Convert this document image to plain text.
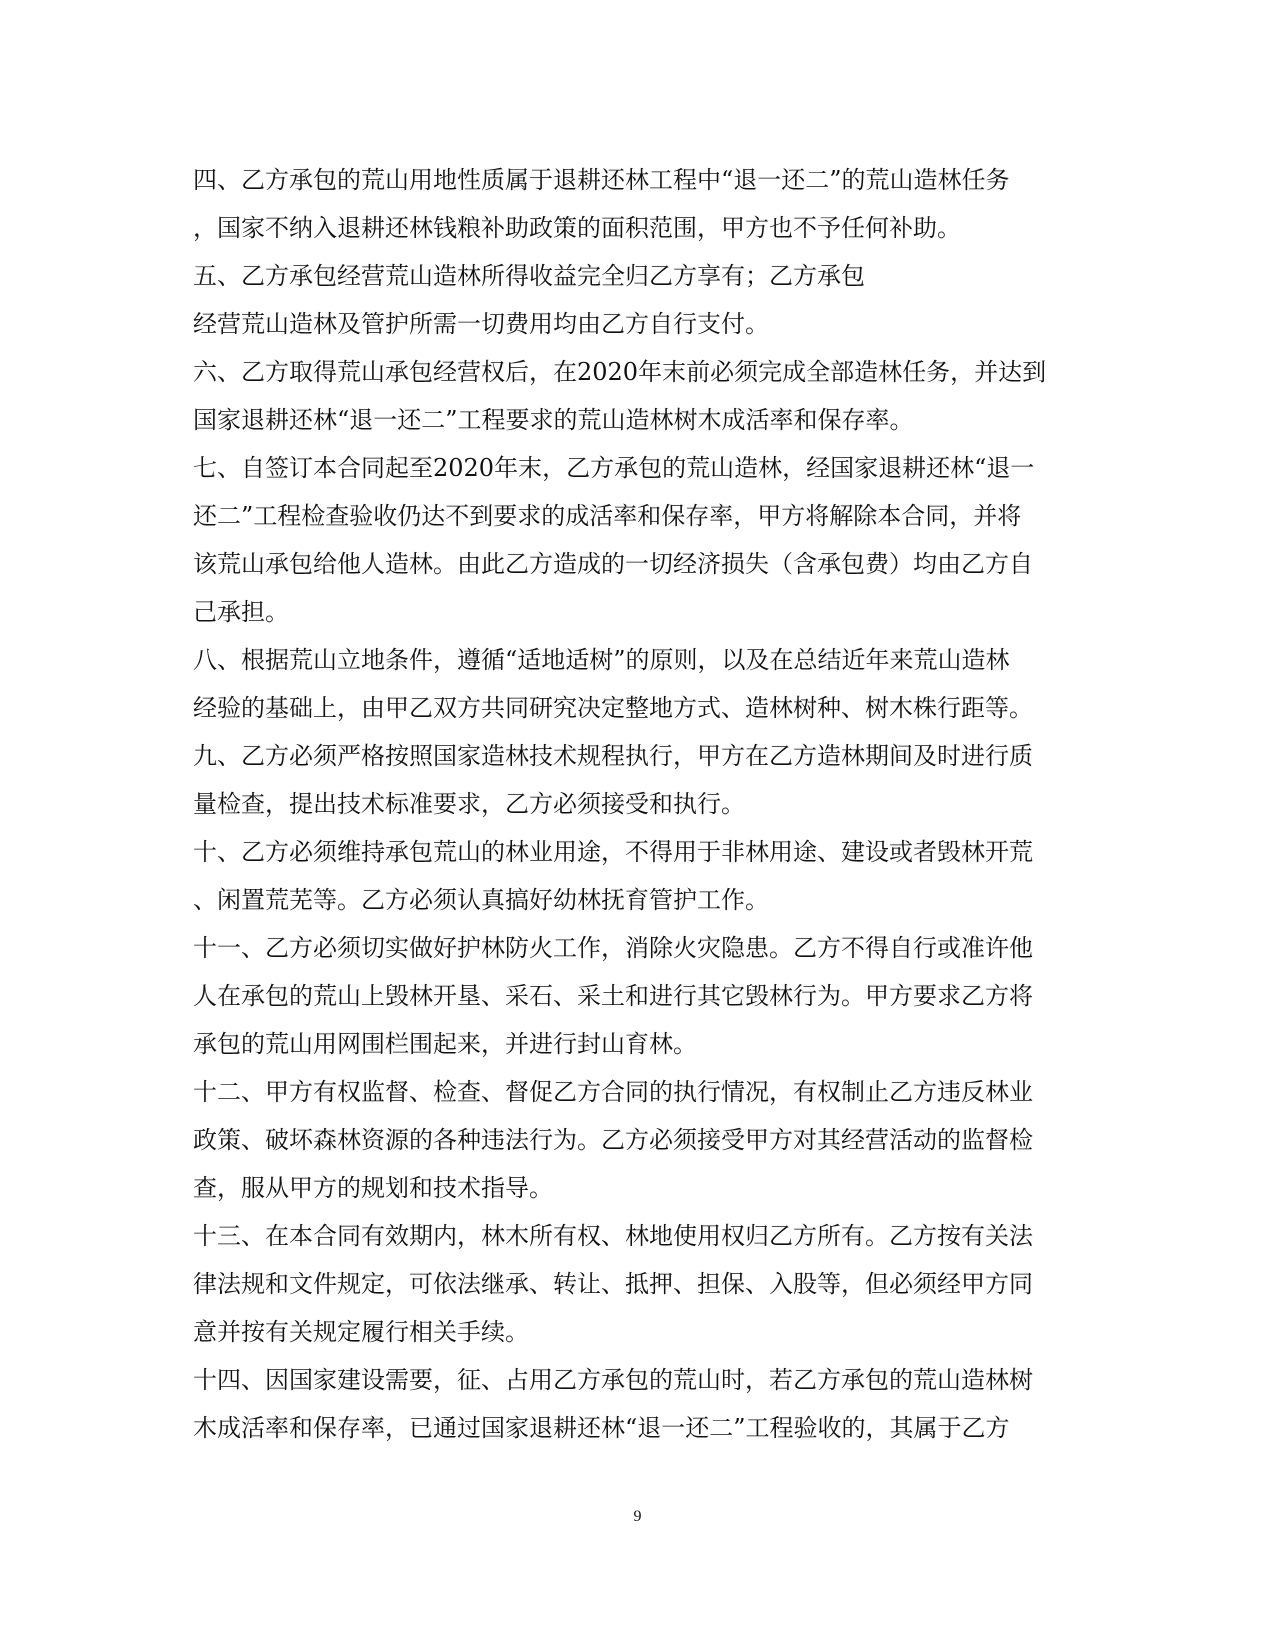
四、乙方承包的荒山用地性质属于退耕还林工程中“退一还二”的荒山造林任务
，国家不纳入退耕还林钱粮补助政策的面积范围，甲方也不予任何补助。
五、乙方承包经营荒山造林所得收益完全归乙方享有；乙方承包
经营荒山造林及管护所需一切费用均由乙方自行支付。
六、乙方取得荒山承包经营权后，在2020年末前必须完成全部造林任务，并达到
国家退耕还林“退一还二”工程要求的荒山造林树木成活率和保存率。
七、自签订本合同起至2020年末，乙方承包的荒山造林，经国家退耕还林“退一
还二”工程检查验收仍达不到要求的成活率和保存率，甲方将解除本合同，并将
该荒山承包给他人造林。由此乙方造成的一切经济损失（含承包费）均由乙方自
己承担。
八、根据荒山立地条件，遵循“适地适树”的原则，以及在总结近年来荒山造林
经验的基础上，由甲乙双方共同研究决定整地方式、造林树种、树木株行距等。
九、乙方必须严格按照国家造林技术规程执行，甲方在乙方造林期间及时进行质
量检查，提出技术标准要求，乙方必须接受和执行。
十、乙方必须维持承包荒山的林业用途，不得用于非林用途、建设或者毁林开荒
、闲置荒芜等。乙方必须认真搞好幼林抚育管护工作。
十一、乙方必须切实做好护林防火工作，消除火灾隐患。乙方不得自行或准许他
人在承包的荒山上毁林开垦、采石、采土和进行其它毁林行为。甲方要求乙方将
承包的荒山用网围栏围起来，并进行封山育林。
十二、甲方有权监督、检查、督促乙方合同的执行情况，有权制止乙方违反林业
政策、破坏森林资源的各种违法行为。乙方必须接受甲方对其经营活动的监督检
查，服从甲方的规划和技术指导。
十三、在本合同有效期内，林木所有权、林地使用权归乙方所有。乙方按有关法
律法规和文件规定，可依法继承、转让、抵押、担保、入股等，但必须经甲方同
意并按有关规定履行相关手续。
十四、因国家建设需要，征、占用乙方承包的荒山时，若乙方承包的荒山造林树
木成活率和保存率，已通过国家退耕还林“退一还二”工程验收的，其属于乙方
9
